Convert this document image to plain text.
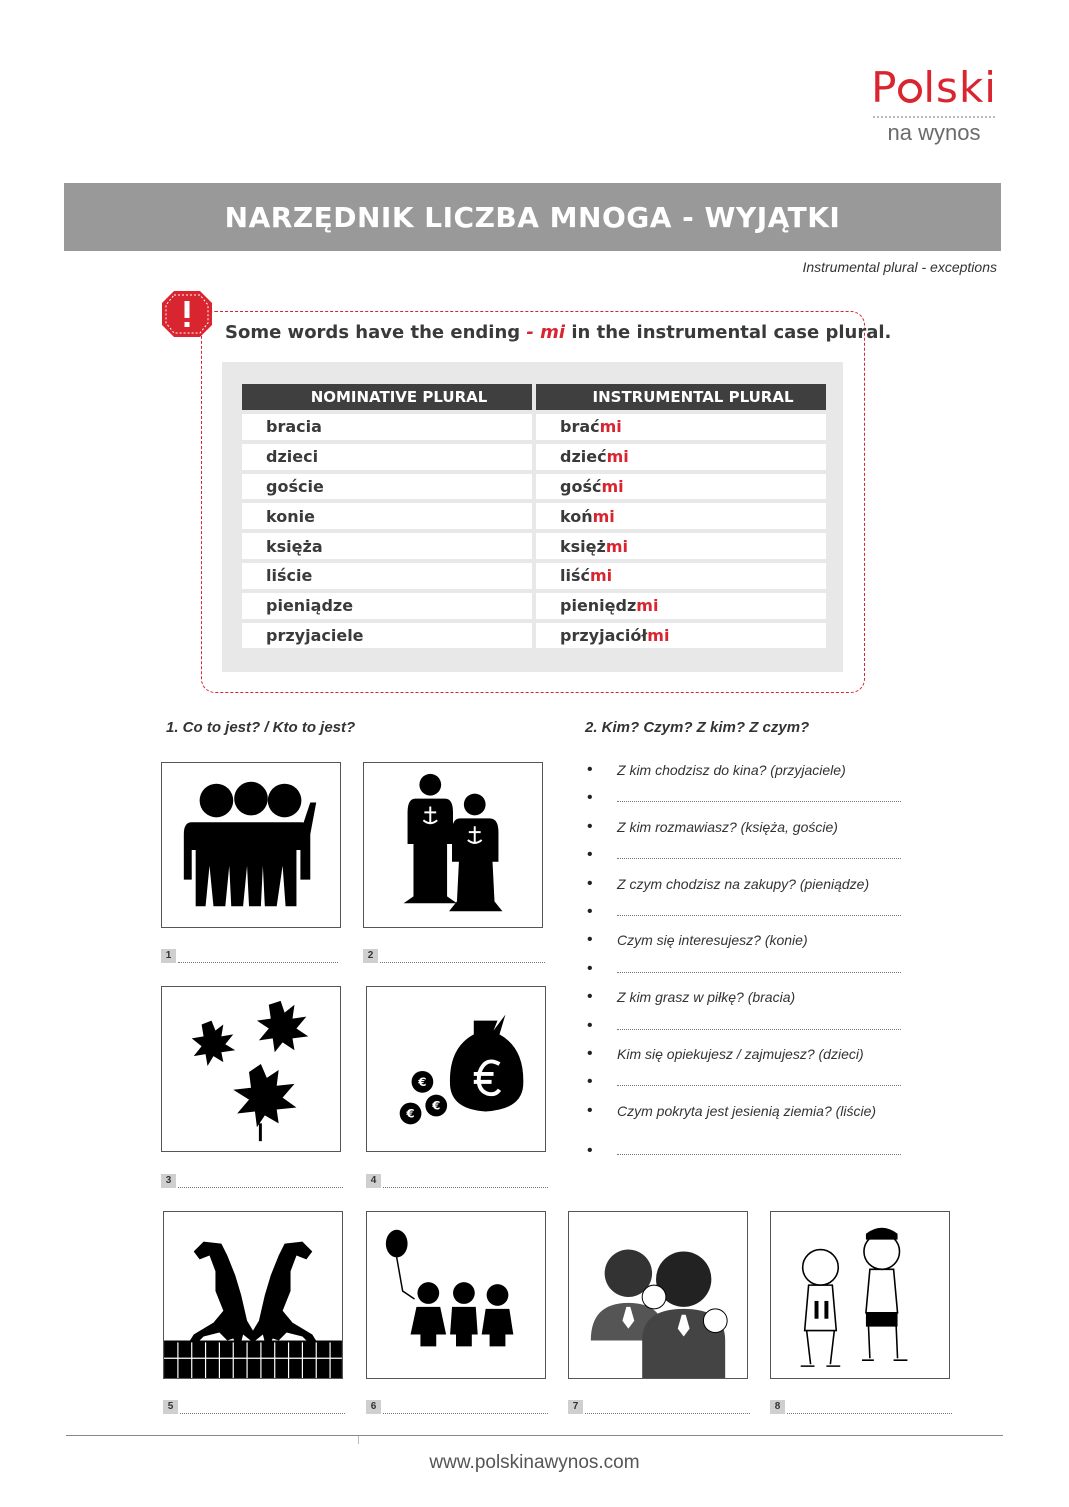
P lski
na wynos
NARZĘDNIK LICZBA MNOGA - WYJĄTKI
Instrumental plural - exceptions
Some words have the ending - mi in the instrumental case plural.
NOMINATIVE PLURAL	INSTRUMENTAL PLURAL
bracia	brać mi
dzieci	dzieć mi
goście	gość mi
konie	koń mi
księża	księż mi
liście	liść mi
pieniądze	pieniędz mi
przyjaciele	przyjaciół mi
1. Co to jest? / Kto to jest?
1	2
3
€
€
€
4
5	6	7	8
2. Kim? Czym? Z kim? Z czym?
• Z kim chodzisz do kina? (przyjaciele)
•
• Z kim rozmawiasz? (księża, goście)
•
• Z czym chodzisz na zakupy? (pieniądze)
•
• Czym się interesujesz? (konie)
•
• Z kim grasz w piłkę? (bracia)
•
• Kim się opiekujesz / zajmujesz? (dzieci)
•
• Czym pokryta jest jesienią ziemia? (liście)
•
www.polskinawynos.com
